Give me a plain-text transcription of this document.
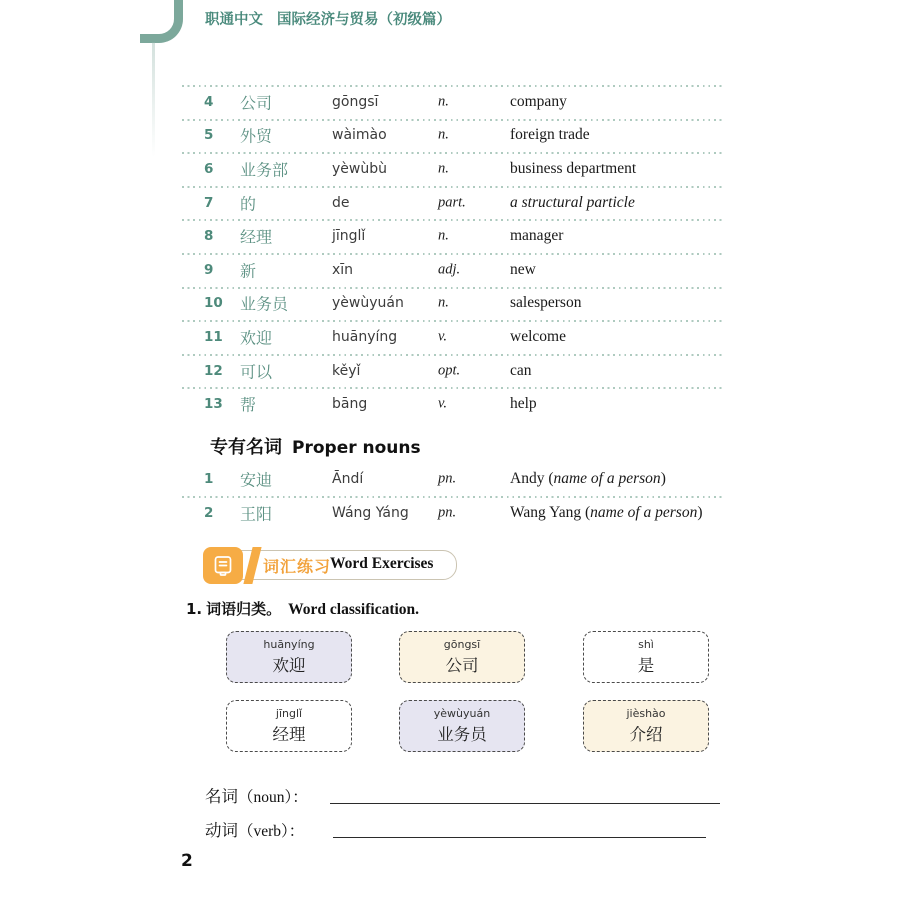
职通中文 国际经济与贸易（初级篇）
4	公司	gōngsī	n.	company
5	外贸	wàimào	n.	foreign trade
6	业务部	yèwùbù	n.	business department
7	的	de	part.	a structural particle
8	经理	jīnglǐ	n.	manager
9	新	xīn	adj.	new
10	业务员	yèwùyuán n.	salesperson
11	欢迎	huānyíng	v.	welcome
12	可以	kěyǐ	opt.	can
13	帮	bāng	v.	help
专有名词 Proper nouns
1	安迪	Āndí	pn.	Andy (name of a person)
2	王阳	Wáng Yáng pn.	Wang Yang (name of a person)
词汇练习
Word Exercises
1. 词语归类。 Word classification.
huānyíng
欢迎
gōngsī
公司
shì
是
jīnglǐ
经理
yèwùyuán
业务员
jièshào
介绍
名词（noun）：
动词（verb）：
2
